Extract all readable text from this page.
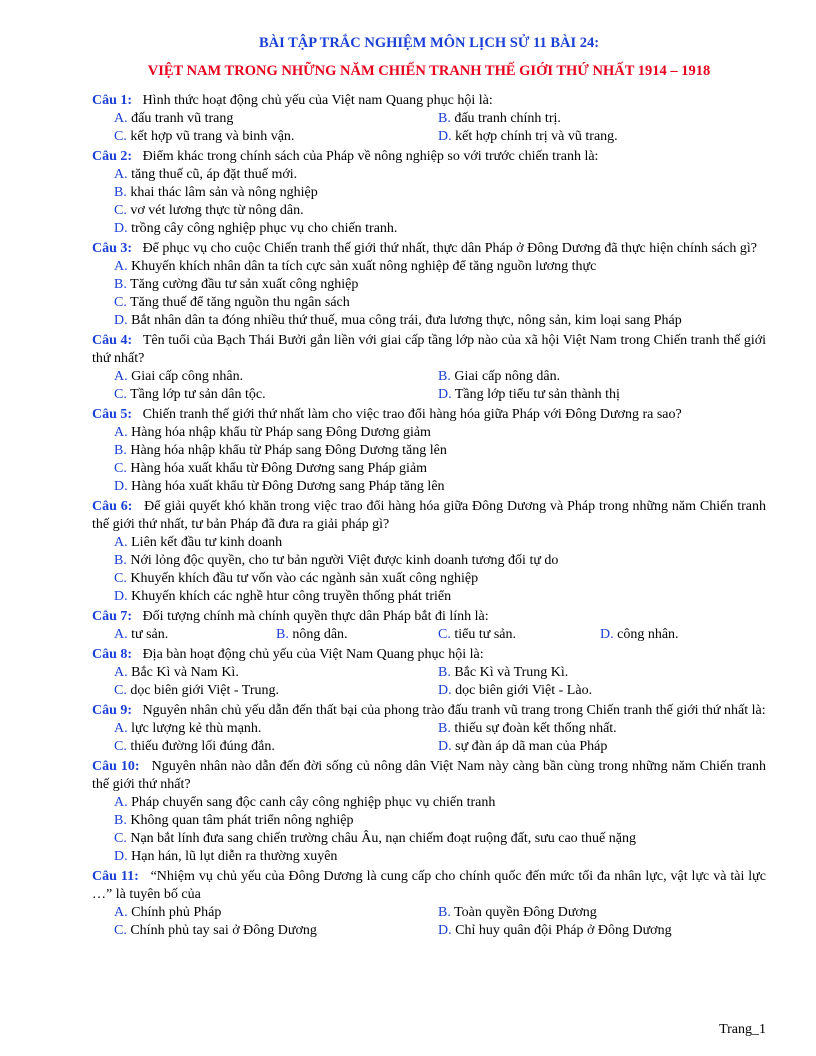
BÀI TẬP TRẮC NGHIỆM MÔN LỊCH SỬ 11 BÀI 24:
VIỆT NAM TRONG NHỮNG NĂM CHIẾN TRANH THẾ GIỚI THỨ NHẤT 1914 – 1918
Câu 1: Hình thức hoạt động chủ yếu của Việt nam Quang phục hội là:
A. đấu tranh vũ trang	B. đấu tranh chính trị.
C. kết hợp vũ trang và binh vận.	D. kết hợp chính trị và vũ trang.
Câu 2: Điểm khác trong chính sách của Pháp về nông nghiệp so với trước chiến tranh là:
A. tăng thuế cũ, áp đặt thuế mới.
B. khai thác lâm sản và nông nghiệp
C. vơ vét lương thực từ nông dân.
D. trồng cây công nghiệp phục vụ cho chiến tranh.
Câu 3: Để phục vụ cho cuộc Chiến tranh thế giới thứ nhất, thực dân Pháp ở Đông Dương đã thực hiện chính sách gì?
A. Khuyến khích nhân dân ta tích cực sản xuất nông nghiệp để tăng nguồn lương thực
B. Tăng cường đầu tư sản xuất công nghiệp
C. Tăng thuế để tăng nguồn thu ngân sách
D. Bắt nhân dân ta đóng nhiều thứ thuế, mua công trái, đưa lương thực, nông sản, kim loại sang Pháp
Câu 4: Tên tuổi của Bạch Thái Bưởi gắn liền với giai cấp tầng lớp nào của xã hội Việt Nam trong Chiến tranh thế giới thứ nhất?
A. Giai cấp công nhân.	B. Giai cấp nông dân.
C. Tầng lớp tư sản dân tộc.	D. Tầng lớp tiểu tư sản thành thị
Câu 5: Chiến tranh thế giới thứ nhất làm cho việc trao đổi hàng hóa giữa Pháp với Đông Dương ra sao?
A. Hàng hóa nhập khẩu từ Pháp sang Đông Dương giảm
B. Hàng hóa nhập khẩu từ Pháp sang Đông Dương tăng lên
C. Hàng hóa xuất khẩu từ Đông Dương sang Pháp giảm
D. Hàng hóa xuất khẩu từ Đông Dương sang Pháp tăng lên
Câu 6: Để giải quyết khó khăn trong việc trao đổi hàng hóa giữa Đông Dương và Pháp trong những năm Chiến tranh thế giới thứ nhất, tư bản Pháp đã đưa ra giải pháp gì?
A. Liên kết đầu tư kinh doanh
B. Nới lỏng độc quyền, cho tư bản người Việt được kinh doanh tương đối tự do
C. Khuyến khích đầu tư vốn vào các ngành sản xuất công nghiệp
D. Khuyến khích các nghề htur công truyền thống phát triển
Câu 7: Đối tượng chính mà chính quyền thực dân Pháp bắt đi lính là:
A. tư sản.	B. nông dân.	C. tiểu tư sản.	D. công nhân.
Câu 8: Địa bàn hoạt động chủ yếu của Việt Nam Quang phục hội là:
A. Bắc Kì và Nam Kì.	B. Bắc Kì và Trung Kì.
C. dọc biên giới Việt - Trung.	D. dọc biên giới Việt - Lào.
Câu 9: Nguyên nhân chủ yếu dẫn đến thất bại của phong trào đấu tranh vũ trang trong Chiến tranh thế giới thứ nhất là:
A. lực lượng kẻ thù mạnh.	B. thiếu sự đoàn kết thống nhất.
C. thiếu đường lối đúng đắn.	D. sự đàn áp dã man của Pháp
Câu 10: Nguyên nhân nào dẫn đến đời sống củ nông dân Việt Nam này càng bần cùng trong những năm Chiến tranh thế giới thứ nhất?
A. Pháp chuyển sang độc canh cây công nghiệp phục vụ chiến tranh
B. Không quan tâm phát triển nông nghiệp
C. Nạn bắt lính đưa sang chiến trường châu Âu, nạn chiếm đoạt ruộng đất, sưu cao thuế nặng
D. Hạn hán, lũ lụt diễn ra thường xuyên
Câu 11: “Nhiệm vụ chủ yếu của Đông Dương là cung cấp cho chính quốc đến mức tối đa nhân lực, vật lực và tài lực …” là tuyên bố của
A. Chính phủ Pháp	B. Toàn quyền Đông Dương
C. Chính phủ tay sai ở Đông Dương	D. Chỉ huy quân đội Pháp ở Đông Dương
Trang_1
